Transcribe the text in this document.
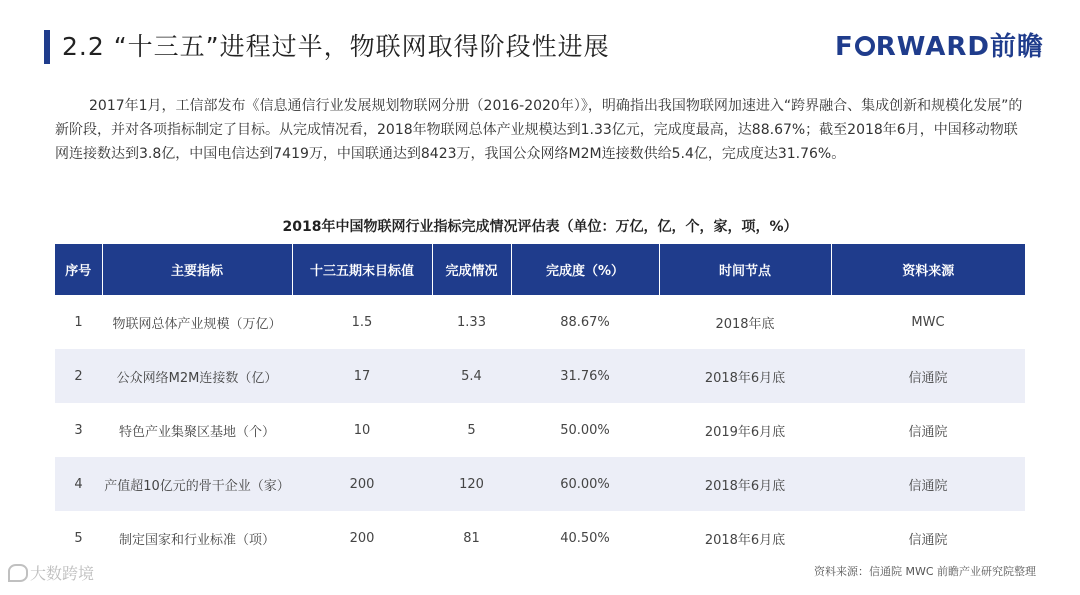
2.2 “十三五”进程过半，物联网取得阶段性进展	F RWARD前瞻
2017年1月，工信部发布《信息通信行业发展规划物联网分册（2016-2020年）》，明确指出我国物联网加速进入“跨界融合、集成创新和规模化发展”的新阶段，并对各项指标制定了目标。从完成情况看，2018年物联网总体产业规模达到1.33亿元，完成度最高，达88.67%；截至2018年6月，中国移动物联网连接数达到3.8亿，中国电信达到7419万，中国联通达到8423万，我国公众网络M2M连接数供给5.4亿，完成度达31.76%。
2018年中国物联网行业指标完成情况评估表（单位：万亿，亿，个，家，项，%）
序号	主要指标	十三五期末目标值	完成情况	完成度（%）	时间节点	资料来源
1	物联网总体产业规模（万亿）	1.5	1.33	88.67%	2018年底	MWC
2	公众网络M2M连接数（亿）	17	5.4	31.76%	2018年6月底	信通院
3	特色产业集聚区基地（个）	10	5	50.00%	2019年6月底	信通院
4	产值超10亿元的骨干企业（家）	200	120	60.00%	2018年6月底	信通院
5	制定国家和行业标准（项）	200	81	40.50%	2018年6月底	信通院
资料来源：信通院 MWC 前瞻产业研究院整理
大数跨境
